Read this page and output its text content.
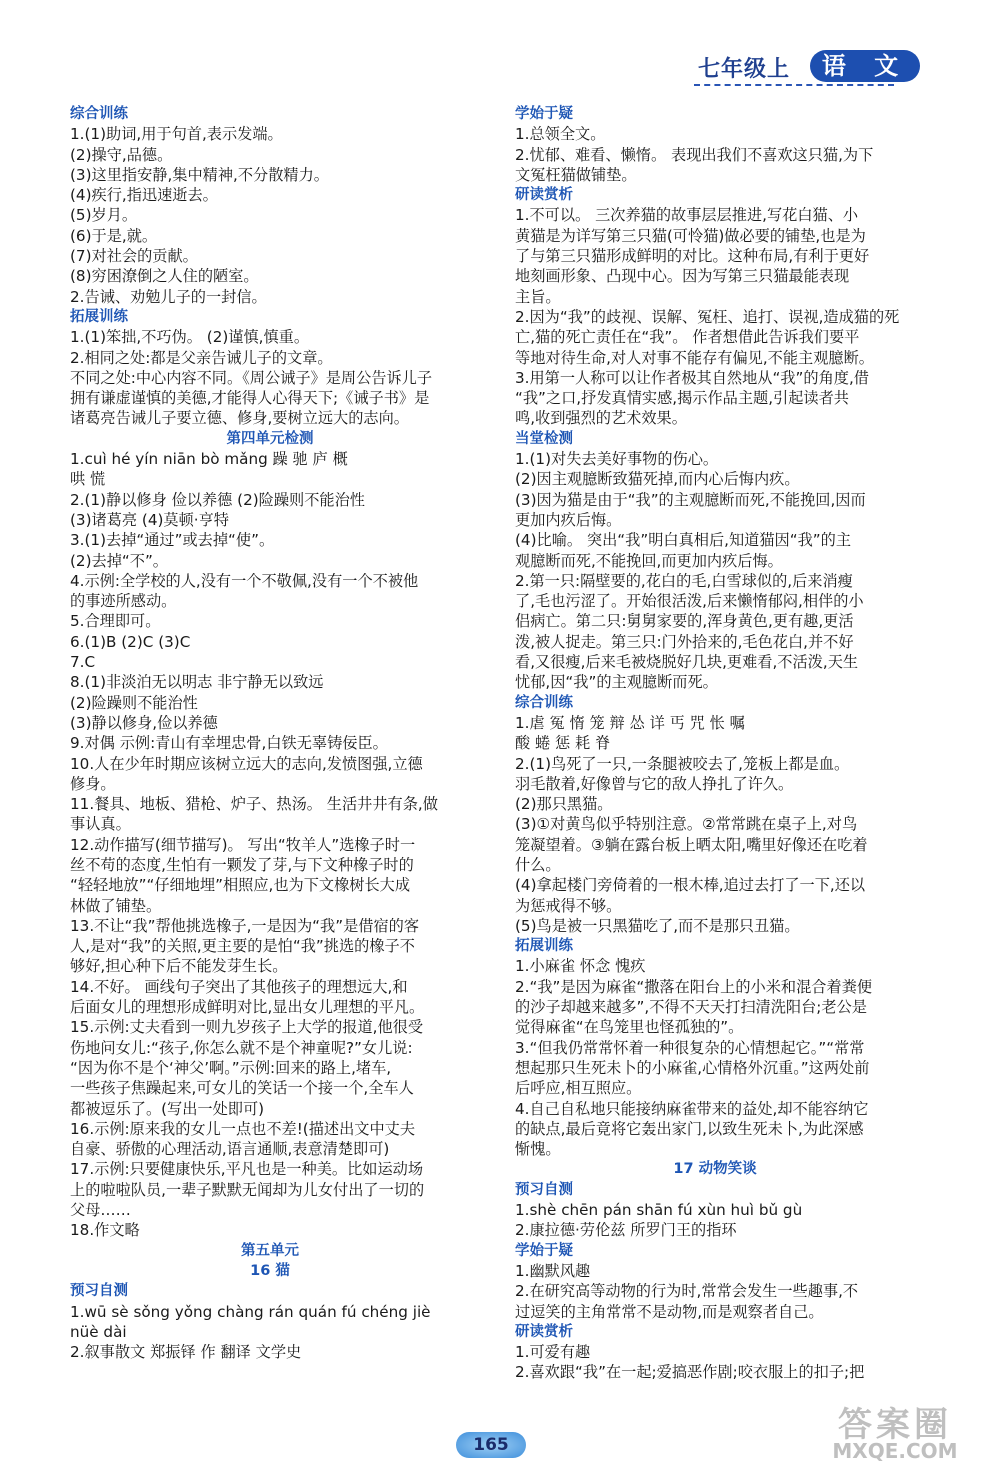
七年级上	语 文
综合训练
1.(1)助词,用于句首,表示发端。
(2)操守,品德。
(3)这里指安静,集中精神,不分散精力。
(4)疾行,指迅速逝去。
(5)岁月。
(6)于是,就。
(7)对社会的贡献。
(8)穷困潦倒之人住的陋室。
2.告诫、劝勉儿子的一封信。
拓展训练
1.(1)笨拙,不巧伪。 (2)谨慎,慎重。
2.相同之处:都是父亲告诫儿子的文章。
不同之处:中心内容不同。《周公诫子》是周公告诉儿子
拥有谦虚谨慎的美德,才能得人心得天下;《诫子书》是
诸葛亮告诫儿子要立德、修身,要树立远大的志向。
第四单元检测
1.cuì hé yín niān bò mǎng 躁 驰 庐 概
哄 慌
2.(1)静以修身 俭以养德 (2)险躁则不能治性
(3)诸葛亮 (4)莫顿·亨特
3.(1)去掉“通过”或去掉“使”。
(2)去掉“不”。
4.示例:全学校的人,没有一个不敬佩,没有一个不被他
的事迹所感动。
5.合理即可。
6.(1)B (2)C (3)C
7.C
8.(1)非淡泊无以明志 非宁静无以致远
(2)险躁则不能治性
(3)静以修身,俭以养德
9.对偶 示例:青山有幸埋忠骨,白铁无辜铸佞臣。
10.人在少年时期应该树立远大的志向,发愤图强,立德
修身。
11.餐具、地板、猎枪、炉子、热汤。 生活井井有条,做
事认真。
12.动作描写(细节描写)。 写出“牧羊人”选橡子时一
丝不苟的态度,生怕有一颗发了芽,与下文种橡子时的
“轻轻地放”“仔细地埋”相照应,也为下文橡树长大成
林做了铺垫。
13.不让“我”帮他挑选橡子,一是因为“我”是借宿的客
人,是对“我”的关照,更主要的是怕“我”挑选的橡子不
够好,担心种下后不能发芽生长。
14.不好。 画线句子突出了其他孩子的理想远大,和
后面女儿的理想形成鲜明对比,显出女儿理想的平凡。
15.示例:丈夫看到一则九岁孩子上大学的报道,他很受
伤地问女儿:“孩子,你怎么就不是个神童呢?”女儿说:
“因为你不是个‘神父’啊。”示例:回来的路上,堵车,
一些孩子焦躁起来,可女儿的笑话一个接一个,全车人
都被逗乐了。(写出一处即可)
16.示例:原来我的女儿一点也不差!(描述出文中丈夫
自豪、骄傲的心理活动,语言通顺,表意清楚即可)
17.示例:只要健康快乐,平凡也是一种美。比如运动场
上的啦啦队员,一辈子默默无闻却为儿女付出了一切的
父母……
18.作文略
第五单元
16 猫
预习自测
1.wū sè sǒng yǒng chàng rán quán fú chéng jiè
nüè dài
2.叙事散文 郑振铎 作 翻译 文学史
学始于疑
1.总领全文。
2.忧郁、难看、懒惰。 表现出我们不喜欢这只猫,为下
文冤枉猫做铺垫。
研读赏析
1.不可以。 三次养猫的故事层层推进,写花白猫、小
黄猫是为详写第三只猫(可怜猫)做必要的铺垫,也是为
了与第三只猫形成鲜明的对比。这种布局,有利于更好
地刻画形象、凸现中心。因为写第三只猫最能表现
主旨。
2.因为“我”的歧视、误解、冤枉、追打、误视,造成猫的死
亡,猫的死亡责任在“我”。 作者想借此告诉我们要平
等地对待生命,对人对事不能存有偏见,不能主观臆断。
3.用第一人称可以让作者极其自然地从“我”的角度,借
“我”之口,抒发真情实感,揭示作品主题,引起读者共
鸣,收到强烈的艺术效果。
当堂检测
1.(1)对失去美好事物的伤心。
(2)因主观臆断致猫死掉,而内心后悔内疚。
(3)因为猫是由于“我”的主观臆断而死,不能挽回,因而
更加内疚后悔。
(4)比喻。 突出“我”明白真相后,知道猫因“我”的主
观臆断而死,不能挽回,而更加内疚后悔。
2.第一只:隔壁要的,花白的毛,白雪球似的,后来消瘦
了,毛也污涩了。开始很活泼,后来懒惰郁闷,相伴的小
侣病亡。第二只:舅舅家要的,浑身黄色,更有趣,更活
泼,被人捉走。第三只:门外拾来的,毛色花白,并不好
看,又很瘦,后来毛被烧脱好几块,更难看,不活泼,天生
忧郁,因“我”的主观臆断而死。
综合训练
1.虐 冤 惰 笼 辩 怂 详 丐 咒 怅 嘱
酸 蜷 惩 耗 脊
2.(1)鸟死了一只,一条腿被咬去了,笼板上都是血。
羽毛散着,好像曾与它的敌人挣扎了许久。
(2)那只黑猫。
(3)①对黄鸟似乎特别注意。②常常跳在桌子上,对鸟
笼凝望着。③躺在露台板上晒太阳,嘴里好像还在吃着
什么。
(4)拿起楼门旁倚着的一根木棒,追过去打了一下,还以
为惩戒得不够。
(5)鸟是被一只黑猫吃了,而不是那只丑猫。
拓展训练
1.小麻雀 怀念 愧疚
2.“我”是因为麻雀“撒落在阳台上的小米和混合着粪便
的沙子却越来越多”,不得不天天打扫清洗阳台;老公是
觉得麻雀“在鸟笼里也怪孤独的”。
3.“但我仍常常怀着一种很复杂的心情想起它。”“常常
想起那只生死未卜的小麻雀,心情格外沉重。”这两处前
后呼应,相互照应。
4.自己自私地只能接纳麻雀带来的益处,却不能容纳它
的缺点,最后竟将它轰出家门,以致生死未卜,为此深感
惭愧。
17 动物笑谈
预习自测
1.shè chēn pán shān fú xùn huì bǔ gù
2.康拉德·劳伦兹 所罗门王的指环
学始于疑
1.幽默风趣
2.在研究高等动物的行为时,常常会发生一些趣事,不
过逗笑的主角常常不是动物,而是观察者自己。
研读赏析
1.可爱有趣
2.喜欢跟“我”在一起;爱搞恶作剧;咬衣服上的扣子;把
165	答案圈
MXQE.COM
